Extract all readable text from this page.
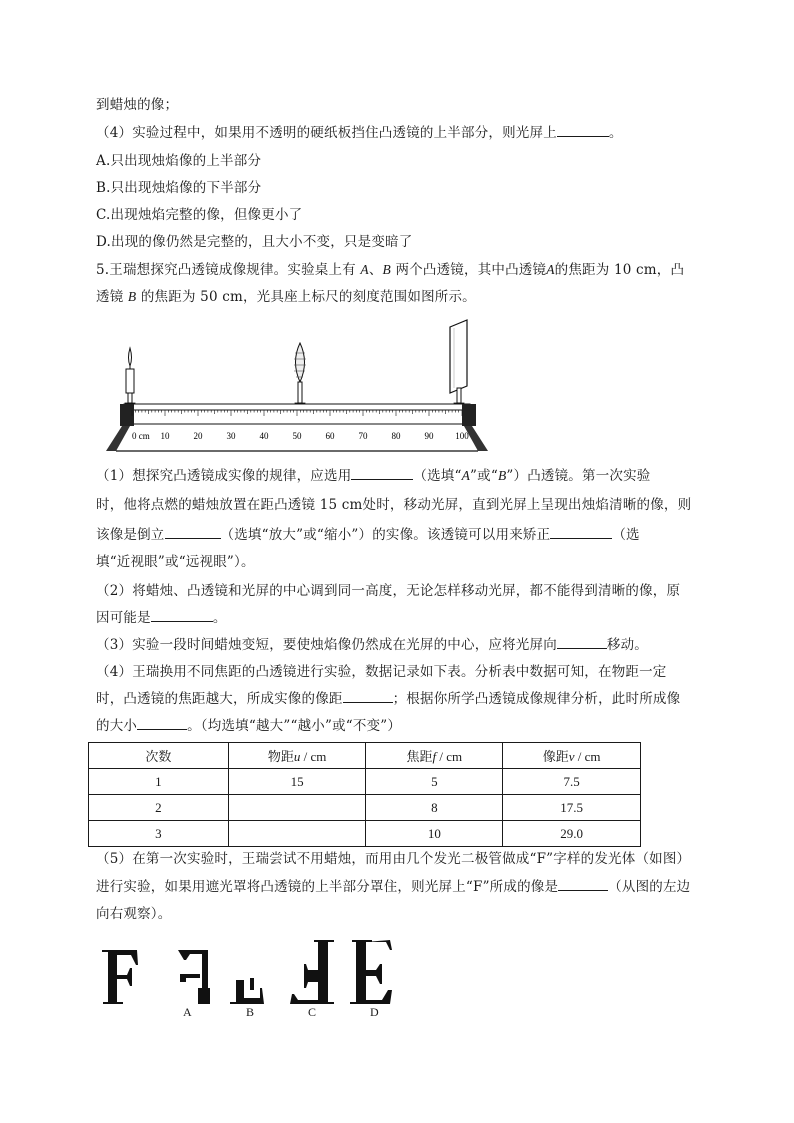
到蜡烛的像；
（4）实验过程中，如果用不透明的硬纸板挡住凸透镜的上半部分，则光屏上	。
A.只出现烛焰像的上半部分
B.只出现烛焰像的下半部分
C.出现烛焰完整的像，但像更小了
D.出现的像仍然是完整的，且大小不变，只是变暗了
5.王瑞想探究凸透镜成像规律。实验桌上有 A、B 两个凸透镜，其中凸透镜A的焦距为 10 cm，凸
透镜 B 的焦距为 50 cm，光具座上标尺的刻度范围如图所示。
10	20	30	40	50	60	70	80	90 100
0 cm
（1）想探究凸透镜成实像的规律，应选用	（选填“A”或“B”）凸透镜。第一次实验
时，他将点燃的蜡烛放置在距凸透镜 15 cm处时，移动光屏，直到光屏上呈现出烛焰清晰的像，则
该像是倒立	（选填“放大”或“缩小”）的实像。该透镜可以用来矫正	（选
填“近视眼”或“远视眼”）。
（2）将蜡烛、凸透镜和光屏的中心调到同一高度，无论怎样移动光屏，都不能得到清晰的像，原
因可能是	。
（3）实验一段时间蜡烛变短，要使烛焰像仍然成在光屏的中心，应将光屏向	移动。
（4）王瑞换用不同焦距的凸透镜进行实验，数据记录如下表。分析表中数据可知，在物距一定
时，凸透镜的焦距越大，所成实像的像距	；根据你所学凸透镜成像规律分析，此时所成像
的大小	。（均选填“越大”“越小”或“不变”）
次数	物距u / cm	焦距f / cm	像距v / cm
1	15	5	7.5
2		8	17.5
3		10	29.0
（5）在第一次实验时，王瑞尝试不用蜡烛，而用由几个发光二极管做成“F”字样的发光体（如图）
进行实验，如果用遮光罩将凸透镜的上半部分罩住，则光屏上“F”所成的像是	（从图的左边
向右观察）。
A	B	C	D
